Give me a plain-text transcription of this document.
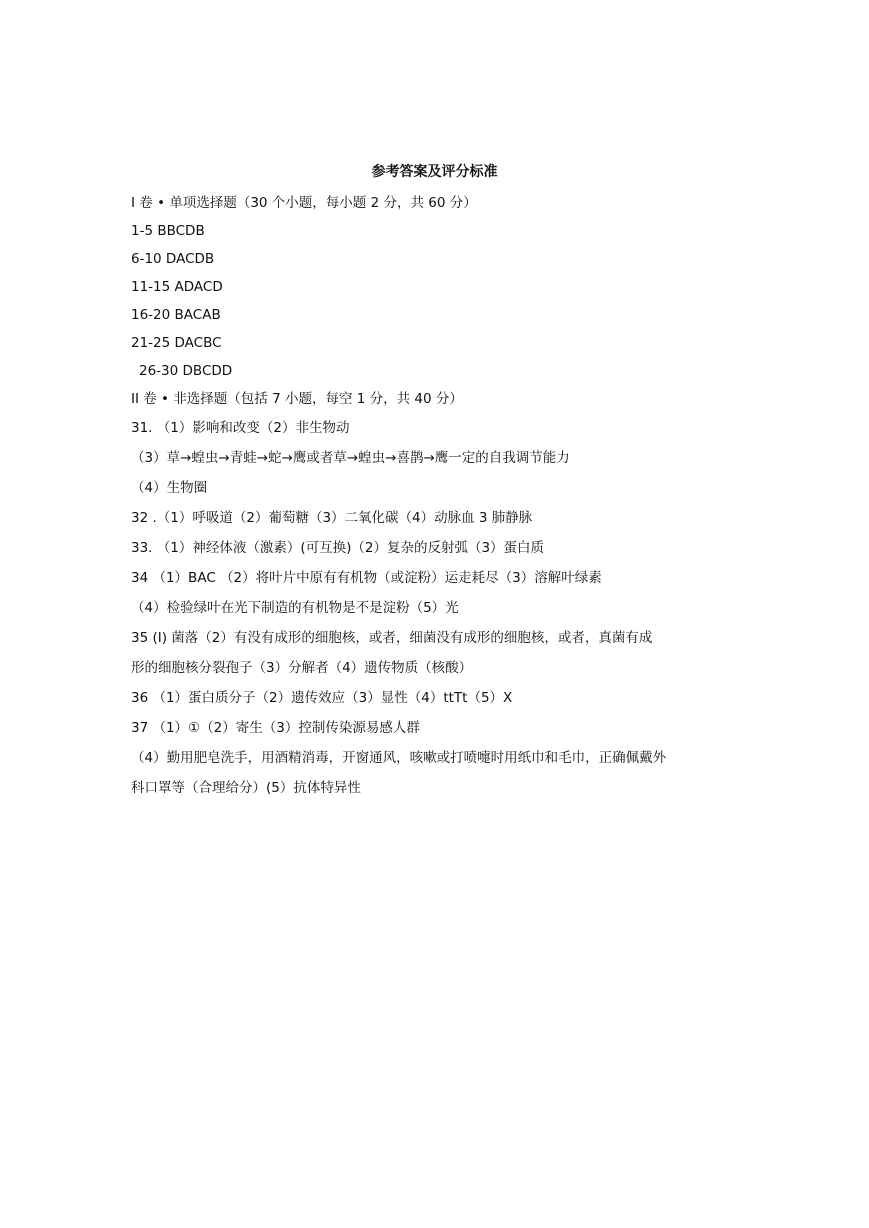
参考答案及评分标准
I 卷 • 单项选择题（30 个小题，每小题 2 分，共 60 分）
1-5 BBCDB
6-10 DACDB
11-15 ADACD
16-20 BACAB
21-25 DACBC
26-30 DBCDD
II 卷 • 非选择题（包括 7 小题，每空 1 分，共 40 分）
31. （1）影响和改变（2）非生物动
（3）草→蝗虫→青蛙→蛇→鹰或者草→蝗虫→喜鹊→鹰一定的自我调节能力
（4）生物圈
32 .（1）呼吸道（2）葡萄糖（3）二氧化碳（4）动脉血 3 肺静脉
33. （1）神经体液（激素）(可互换)（2）复杂的反射弧（3）蛋白质
34 （1）BAC （2）将叶片中原有有机物（或淀粉）运走耗尽（3）溶解叶绿素
（4）检验绿叶在光下制造的有机物是不是淀粉（5）光
35 (Ⅰ) 菌落（2）有没有成形的细胞核，或者，细菌没有成形的细胞核，或者，真菌有成
形的细胞核分裂孢子（3）分解者（4）遗传物质（核酸）
36 （1）蛋白质分子（2）遗传效应（3）显性（4）ttTt（5）X
37 （1）①（2）寄生（3）控制传染源易感人群
（4）勤用肥皂洗手，用酒精消毒，开窗通风，咳嗽或打喷嚏时用纸巾和毛巾，正确佩戴外
科口罩等（合理给分）(5）抗体特异性
